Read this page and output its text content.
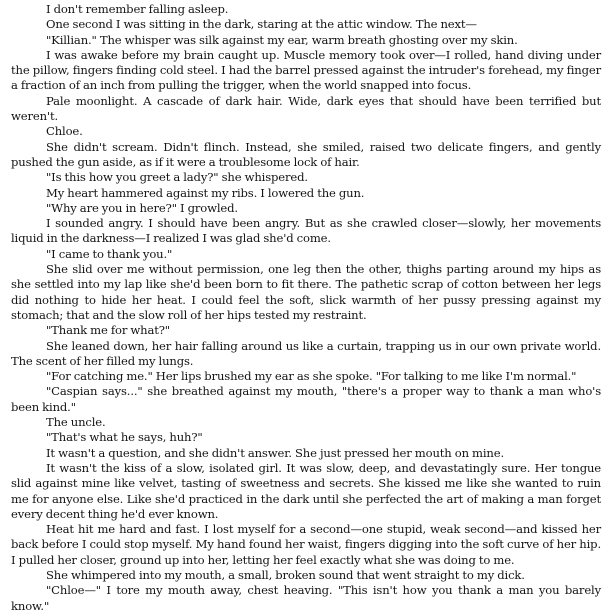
I don't remember falling asleep.

One second I was sitting in the dark, staring at the attic window. The next—

"Killian." The whisper was silk against my ear, warm breath ghosting over my skin.

I was awake before my brain caught up. Muscle memory took over—I rolled, hand diving under the pillow, fingers finding cold steel. I had the barrel pressed against the intruder's forehead, my finger a fraction of an inch from pulling the trigger, when the world snapped into focus.

Pale moonlight. A cascade of dark hair. Wide, dark eyes that should have been terrified but weren't.

Chloe.

She didn't scream. Didn't flinch. Instead, she smiled, raised two delicate fingers, and gently pushed the gun aside, as if it were a troublesome lock of hair.

"Is this how you greet a lady?" she whispered.

My heart hammered against my ribs. I lowered the gun.

"Why are you in here?" I growled.

I sounded angry. I should have been angry. But as she crawled closer—slowly, her movements liquid in the darkness—I realized I was glad she'd come.

"I came to thank you."

She slid over me without permission, one leg then the other, thighs parting around my hips as she settled into my lap like she'd been born to fit there. The pathetic scrap of cotton between her legs did nothing to hide her heat. I could feel the soft, slick warmth of her pussy pressing against my stomach; that and the slow roll of her hips tested my restraint.

"Thank me for what?"

She leaned down, her hair falling around us like a curtain, trapping us in our own private world. The scent of her filled my lungs.

"For catching me." Her lips brushed my ear as she spoke. "For talking to me like I'm normal."

"Caspian says..." she breathed against my mouth, "there's a proper way to thank a man who's been kind."

The uncle.

"That's what he says, huh?"

It wasn't a question, and she didn't answer. She just pressed her mouth on mine.

It wasn't the kiss of a slow, isolated girl. It was slow, deep, and devastatingly sure. Her tongue slid against mine like velvet, tasting of sweetness and secrets. She kissed me like she wanted to ruin me for anyone else. Like she'd practiced in the dark until she perfected the art of making a man forget every decent thing he'd ever known.

Heat hit me hard and fast. I lost myself for a second—one stupid, weak second—and kissed her back before I could stop myself. My hand found her waist, fingers digging into the soft curve of her hip. I pulled her closer, ground up into her, letting her feel exactly what she was doing to me.

She whimpered into my mouth, a small, broken sound that went straight to my dick.

"Chloe—" I tore my mouth away, chest heaving. "This isn't how you thank a man you barely know."
